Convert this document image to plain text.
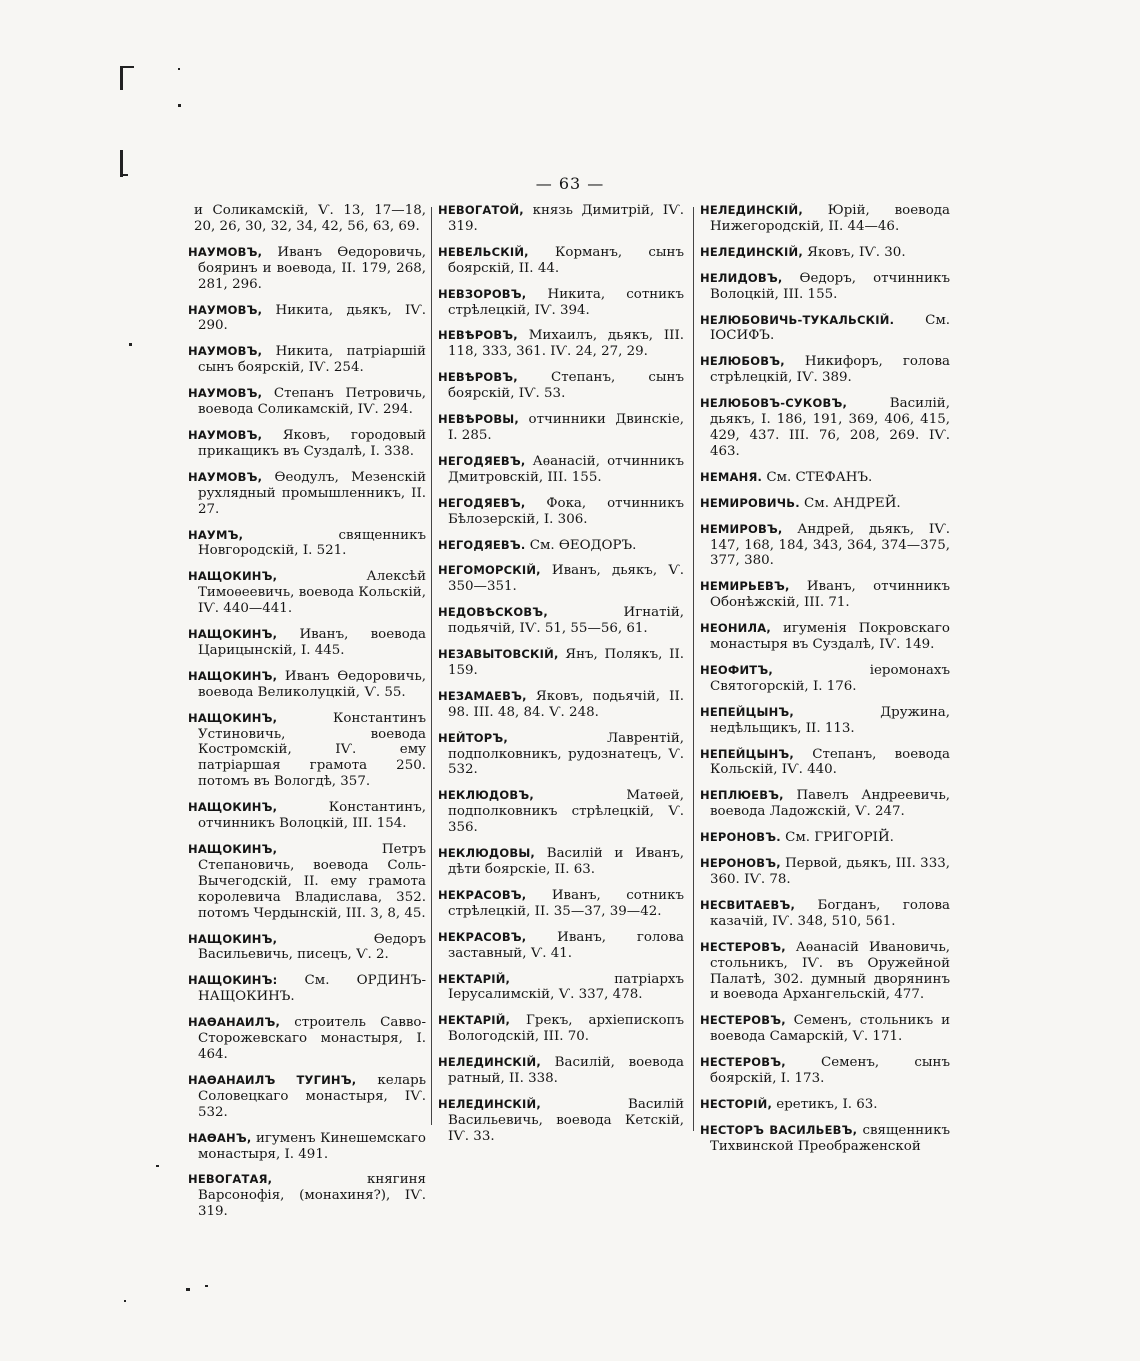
— 63 —
и Соликамскій, Ѵ. 13, 17—18, 20, 26, 30, 32, 34, 42, 56, 63, 69.
НАУМОВЪ, Иванъ Ѳедоровичь, бояринъ и воевода, II. 179, 268, 281, 296.
НАУМОВЪ, Никита, дьякъ, IѴ. 290.
НАУМОВЪ, Никита, патріаршій сынъ боярскій, IѴ. 254.
НАУМОВЪ, Степанъ Петровичь, воевода Соликамскій, IѴ. 294.
НАУМОВЪ, Яковъ, городовый прикащикъ въ Суздалѣ, I. 338.
НАУМОВЪ, Ѳеодулъ, Мезенскій рухлядный промышленникъ, II. 27.
НАУМЪ, священникъ Новгородскій, I. 521.
НАЩОКИНЪ, Алексѣй Тимоѳеевичь, воевода Кольскій, IѴ. 440—441.
НАЩОКИНЪ, Иванъ, воевода Царицынскій, I. 445.
НАЩОКИНЪ, Иванъ Ѳедоровичь, воевода Великолуцкій, Ѵ. 55.
НАЩОКИНЪ, Константинъ Устиновичь, воевода Костромскій, IѴ. ему патріаршая грамота 250. потомъ въ Вологдѣ, 357.
НАЩОКИНЪ, Константинъ, отчинникъ Волоцкій, III. 154.
НАЩОКИНЪ, Петръ Степановичь, воевода Соль-Вычегодскій, II. ему грамота королевича Владислава, 352. потомъ Чердынскій, III. 3, 8, 45.
НАЩОКИНЪ, Ѳедоръ Васильевичь, писецъ, Ѵ. 2.
НАЩОКИНЪ: См. ОРДИНЪ-НАЩОКИНЪ.
НАѲАНАИЛЪ, строитель Савво-Сторожевскаго монастыря, I. 464.
НАѲАНАИЛЪ ТУГИНЪ, келарь Соловецкаго монастыря, IѴ. 532.
НАѲАНЪ, игуменъ Кинешемскаго монастыря, I. 491.
НЕВОГАТАЯ, княгиня Варсонофія, (монахиня?), IѴ. 319.
НЕВОГАТОЙ, князь Димитрій, IѴ. 319.
НЕВЕЛЬСКІЙ, Корманъ, сынъ боярскій, II. 44.
НЕВЗОРОВЪ, Никита, сотникъ стрѣлецкій, IѴ. 394.
НЕВѢРОВЪ, Михаилъ, дьякъ, III. 118, 333, 361. IѴ. 24, 27, 29.
НЕВѢРОВЪ, Степанъ, сынъ боярскій, IѴ. 53.
НЕВѢРОВЫ, отчинники Двинскіе, I. 285.
НЕГОДЯЕВЪ, Аѳанасій, отчинникъ Дмитровскій, III. 155.
НЕГОДЯЕВЪ, Фока, отчинникъ Бѣлозерскій, I. 306.
НЕГОДЯЕВЪ. См. ѲЕОДОРЪ.
НЕГОМОРСКІЙ, Иванъ, дьякъ, Ѵ. 350—351.
НЕДОВѢСКОВЪ, Игнатій, подьячій, IѴ. 51, 55—56, 61.
НЕЗАВЫТОВСКІЙ, Янъ, Полякъ, II. 159.
НЕЗАМАЕВЪ, Яковъ, подьячій, II. 98. III. 48, 84. Ѵ. 248.
НЕЙТОРЪ, Лаврентій, подполковникъ, рудознатецъ, Ѵ. 532.
НЕКЛЮДОВЪ, Матѳей, подполковникъ стрѣлецкій, Ѵ. 356.
НЕКЛЮДОВЫ, Василій и Иванъ, дѣти боярскіе, II. 63.
НЕКРАСОВЪ, Иванъ, сотникъ стрѣлецкій, II. 35—37, 39—42.
НЕКРАСОВЪ, Иванъ, голова заставный, Ѵ. 41.
НЕКТАРІЙ, патріархъ Іерусалимскій, Ѵ. 337, 478.
НЕКТАРІЙ, Грекъ, архіепископъ Вологодскій, III. 70.
НЕЛЕДИНСКІЙ, Василій, воевода ратный, II. 338.
НЕЛЕДИНСКІЙ, Василій Васильевичь, воевода Кетскій, IѴ. 33.
НЕЛЕДИНСКІЙ, Юрій, воевода Нижегородскій, II. 44—46.
НЕЛЕДИНСКІЙ, Яковъ, IѴ. 30.
НЕЛИДОВЪ, Ѳедоръ, отчинникъ Волоцкій, III. 155.
НЕЛЮБОВИЧЬ-ТУКАЛЬСКІЙ. См. ІОСИФЪ.
НЕЛЮБОВЪ, Никифоръ, голова стрѣлецкій, IѴ. 389.
НЕЛЮБОВЪ-СУКОВЪ, Василій, дьякъ, I. 186, 191, 369, 406, 415, 429, 437. III. 76, 208, 269. IѴ. 463.
НЕМАНЯ. См. СТЕФАНЪ.
НЕМИРОВИЧЬ. См. АНДРЕЙ.
НЕМИРОВЪ, Андрей, дьякъ, IѴ. 147, 168, 184, 343, 364, 374—375, 377, 380.
НЕМИРЬЕВЪ, Иванъ, отчинникъ Обонѣжскій, III. 71.
НЕОНИЛА, игуменія Покровскаго монастыря въ Суздалѣ, IѴ. 149.
НЕОФИТЪ, іеромонахъ Святогорскій, I. 176.
НЕПЕЙЦЫНЪ, Дружина, недѣльщикъ, II. 113.
НЕПЕЙЦЫНЪ, Степанъ, воевода Кольскій, IѴ. 440.
НЕПЛЮЕВЪ, Павелъ Андреевичь, воевода Ладожскій, Ѵ. 247.
НЕРОНОВЪ. См. ГРИГОРІЙ.
НЕРОНОВЪ, Первой, дьякъ, III. 333, 360. IѴ. 78.
НЕСВИТАЕВЪ, Богданъ, голова казачій, IѴ. 348, 510, 561.
НЕСТЕРОВЪ, Аѳанасій Ивановичь, стольникъ, IѴ. въ Оружейной Палатѣ, 302. думный дворянинъ и воевода Архангельскій, 477.
НЕСТЕРОВЪ, Семенъ, стольникъ и воевода Самарскій, Ѵ. 171.
НЕСТЕРОВЪ, Семенъ, сынъ боярскій, I. 173.
НЕСТОРІЙ, еретикъ, I. 63.
НЕСТОРЪ ВАСИЛЬЕВЪ, священникъ Тихвинской Преображенской
